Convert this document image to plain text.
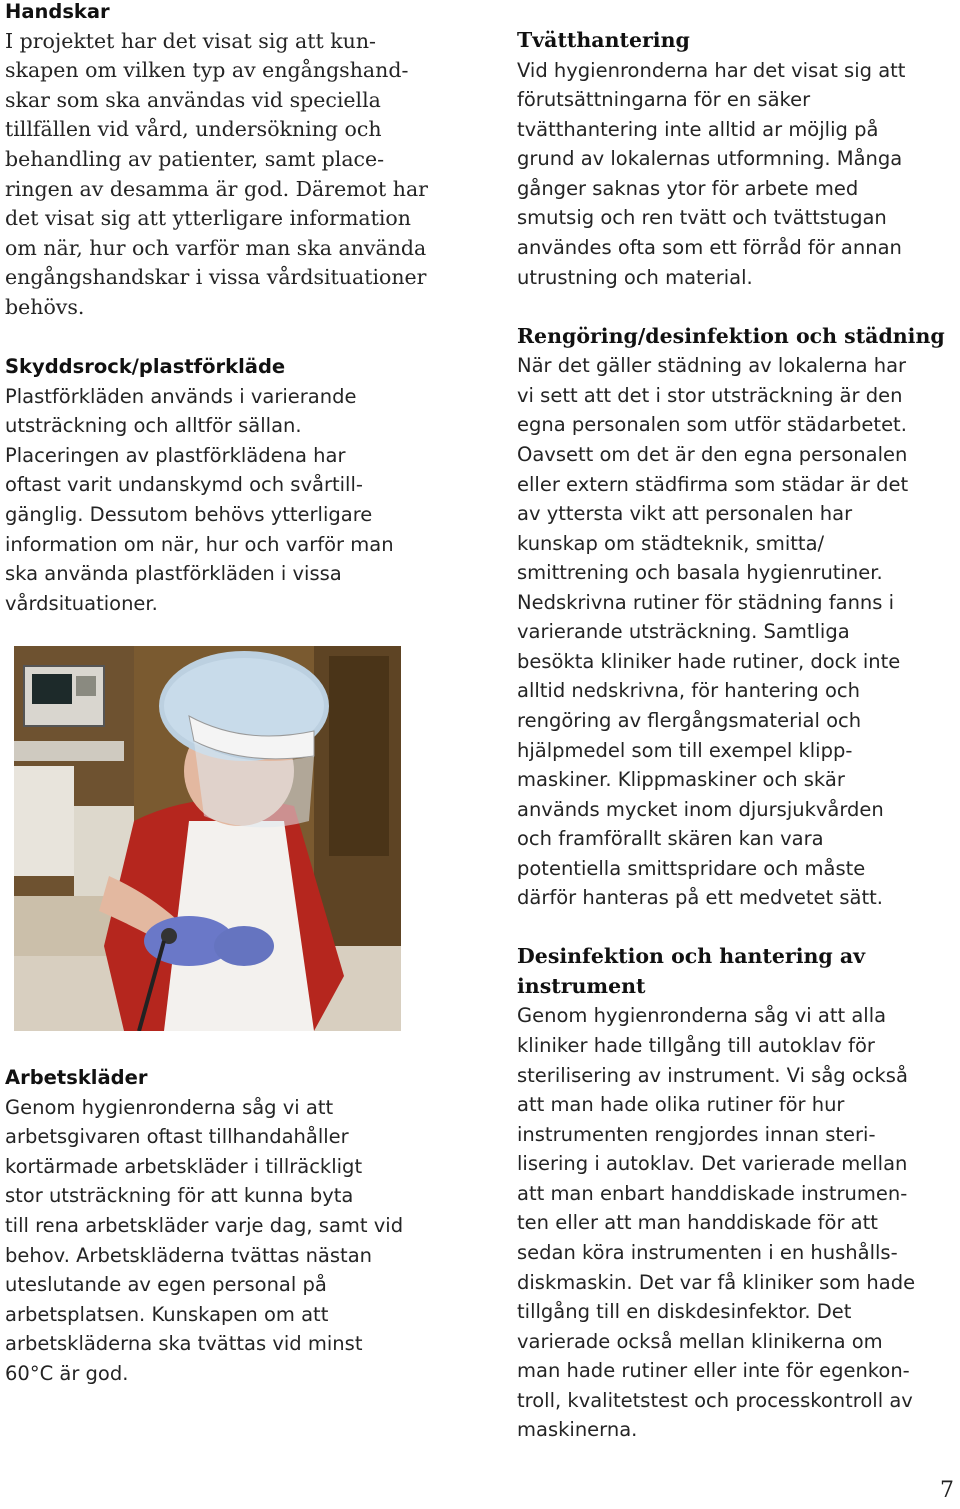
Handskar
I projektet har det visat sig att kun-
skapen om vilken typ av engångshand-
skar som ska användas vid speciella
tillfällen vid vård, undersökning och
behandling av patienter, samt place-
ringen av desamma är god. Däremot har
det visat sig att ytterligare information
om när, hur och varför man ska använda
engångshandskar i vissa vårdsituationer
behövs.
Skyddsrock/plastförkläde
Plastförkläden används i varierande
utsträckning och alltför sällan.
Placeringen av plastförklädena har
oftast varit undanskymd och svårtill-
gänglig. Dessutom behövs ytterligare
information om när, hur och varför man
ska använda plastförkläden i vissa
vårdsituationer.
Arbetskläder
Genom hygienronderna såg vi att
arbetsgivaren oftast tillhandahåller
kortärmade arbetskläder i tillräckligt
stor utsträckning för att kunna byta
till rena arbetskläder varje dag, samt vid
behov. Arbetskläderna tvättas nästan
uteslutande av egen personal på
arbetsplatsen. Kunskapen om att
arbetskläderna ska tvättas vid minst
60°C är god.
Tvätthantering
Vid hygienronderna har det visat sig att
förutsättningarna för en säker
tvätthantering inte alltid ar möjlig på
grund av lokalernas utformning. Många
gånger saknas ytor för arbete med
smutsig och ren tvätt och tvättstugan
användes ofta som ett förråd för annan
utrustning och material.
Rengöring/desinfektion och städning
När det gäller städning av lokalerna har
vi sett att det i stor utsträckning är den
egna personalen som utför städarbetet.
Oavsett om det är den egna personalen
eller extern städfirma som städar är det
av yttersta vikt att personalen har
kunskap om städteknik, smitta/
smittrening och basala hygienrutiner.
Nedskrivna rutiner för städning fanns i
varierande utsträckning. Samtliga
besökta kliniker hade rutiner, dock inte
alltid nedskrivna, för hantering och
rengöring av flergångsmaterial och
hjälpmedel som till exempel klipp-
maskiner. Klippmaskiner och skär
används mycket inom djursjukvården
och framförallt skären kan vara
potentiella smittspridare och måste
därför hanteras på ett medvetet sätt.
Desinfektion och hantering av
instrument
Genom hygienronderna såg vi att alla
kliniker hade tillgång till autoklav för
sterilisering av instrument. Vi såg också
att man hade olika rutiner för hur
instrumenten rengjordes innan steri-
lisering i autoklav. Det varierade mellan
att man enbart handdiskade instrumen-
ten eller att man handdiskade för att
sedan köra instrumenten i en hushålls-
diskmaskin. Det var få kliniker som hade
tillgång till en diskdesinfektor. Det
varierade också mellan klinikerna om
man hade rutiner eller inte för egenkon-
troll, kvalitetstest och processkontroll av
maskinerna.
7
